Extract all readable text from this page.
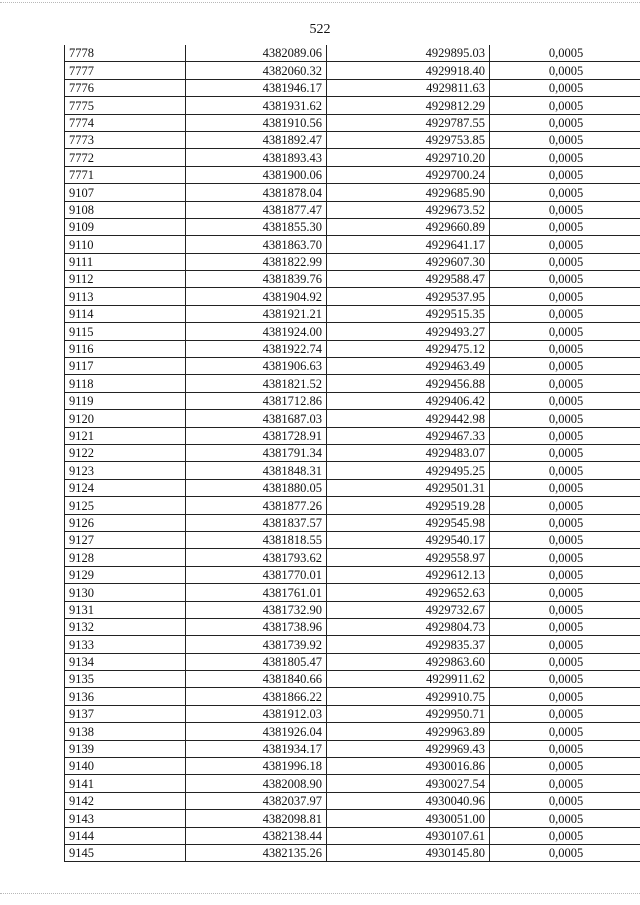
522
7778	4382089.06	4929895.03	0,0005
7777	4382060.32	4929918.40	0,0005
7776	4381946.17	4929811.63	0,0005
7775	4381931.62	4929812.29	0,0005
7774	4381910.56	4929787.55	0,0005
7773	4381892.47	4929753.85	0,0005
7772	4381893.43	4929710.20	0,0005
7771	4381900.06	4929700.24	0,0005
9107	4381878.04	4929685.90	0,0005
9108	4381877.47	4929673.52	0,0005
9109	4381855.30	4929660.89	0,0005
9110	4381863.70	4929641.17	0,0005
9111	4381822.99	4929607.30	0,0005
9112	4381839.76	4929588.47	0,0005
9113	4381904.92	4929537.95	0,0005
9114	4381921.21	4929515.35	0,0005
9115	4381924.00	4929493.27	0,0005
9116	4381922.74	4929475.12	0,0005
9117	4381906.63	4929463.49	0,0005
9118	4381821.52	4929456.88	0,0005
9119	4381712.86	4929406.42	0,0005
9120	4381687.03	4929442.98	0,0005
9121	4381728.91	4929467.33	0,0005
9122	4381791.34	4929483.07	0,0005
9123	4381848.31	4929495.25	0,0005
9124	4381880.05	4929501.31	0,0005
9125	4381877.26	4929519.28	0,0005
9126	4381837.57	4929545.98	0,0005
9127	4381818.55	4929540.17	0,0005
9128	4381793.62	4929558.97	0,0005
9129	4381770.01	4929612.13	0,0005
9130	4381761.01	4929652.63	0,0005
9131	4381732.90	4929732.67	0,0005
9132	4381738.96	4929804.73	0,0005
9133	4381739.92	4929835.37	0,0005
9134	4381805.47	4929863.60	0,0005
9135	4381840.66	4929911.62	0,0005
9136	4381866.22	4929910.75	0,0005
9137	4381912.03	4929950.71	0,0005
9138	4381926.04	4929963.89	0,0005
9139	4381934.17	4929969.43	0,0005
9140	4381996.18	4930016.86	0,0005
9141	4382008.90	4930027.54	0,0005
9142	4382037.97	4930040.96	0,0005
9143	4382098.81	4930051.00	0,0005
9144	4382138.44	4930107.61	0,0005
9145	4382135.26	4930145.80	0,0005
